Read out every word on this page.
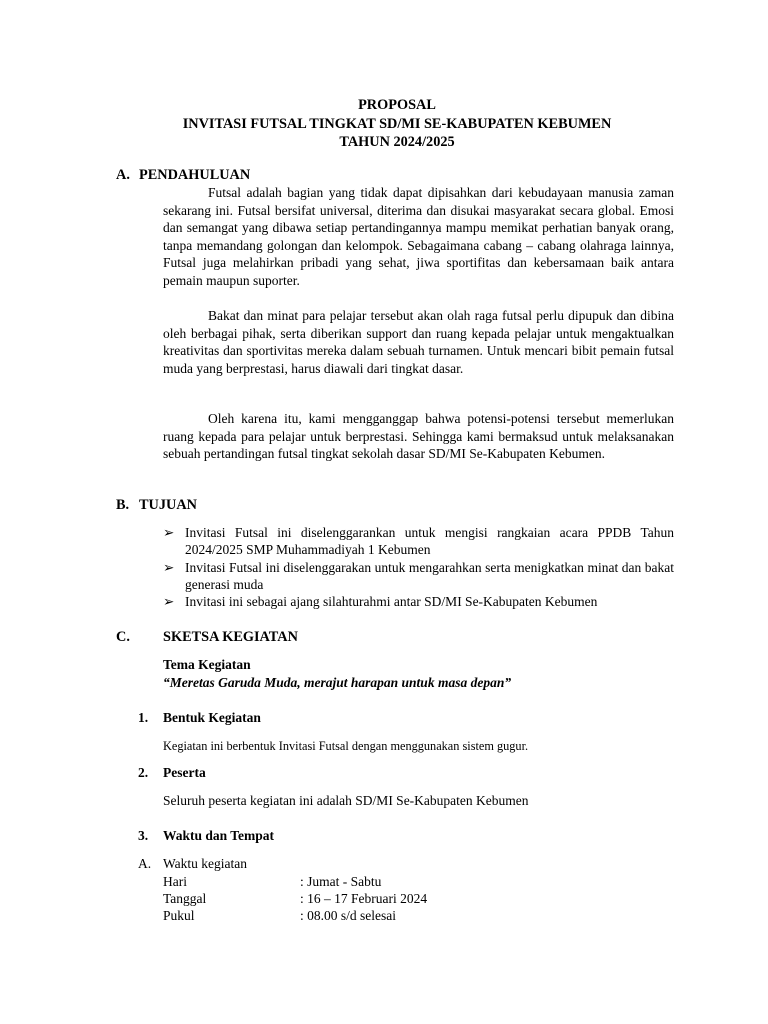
PROPOSAL
INVITASI FUTSAL TINGKAT SD/MI SE-KABUPATEN KEBUMEN
TAHUN 2024/2025
A. PENDAHULUAN

Futsal adalah bagian yang tidak dapat dipisahkan dari kebudayaan manusia zaman sekarang ini. Futsal bersifat universal, diterima dan disukai masyarakat secara global. Emosi dan semangat yang dibawa setiap pertandingannya mampu memikat perhatian banyak orang, tanpa memandang golongan dan kelompok. Sebagaimana cabang – cabang olahraga lainnya, Futsal juga melahirkan pribadi yang sehat, jiwa sportifitas dan kebersamaan baik antara pemain maupun suporter.

Bakat dan minat para pelajar tersebut akan olah raga futsal perlu dipupuk dan dibina oleh berbagai pihak, serta diberikan support dan ruang kepada pelajar untuk mengaktualkan kreativitas dan sportivitas mereka dalam sebuah turnamen. Untuk mencari bibit pemain futsal muda yang berprestasi, harus diawali dari tingkat dasar.

Oleh karena itu, kami mengganggap bahwa potensi-potensi tersebut memerlukan ruang kepada para pelajar untuk berprestasi. Sehingga kami bermaksud untuk melaksanakan sebuah pertandingan futsal tingkat sekolah dasar SD/MI Se-Kabupaten Kebumen.

B. TUJUAN
➢ Invitasi Futsal ini diselenggarankan untuk mengisi rangkaian acara PPDB Tahun 2024/2025 SMP Muhammadiyah 1 Kebumen
➢ Invitasi Futsal ini diselenggarakan untuk mengarahkan serta menigkatkan minat dan bakat generasi muda
➢ Invitasi ini sebagai ajang silahturahmi antar SD/MI Se-Kabupaten Kebumen
C. SKETSA KEGIATAN
Tema Kegiatan
“Meretas Garuda Muda, merajut harapan untuk masa depan”
1. Bentuk Kegiatan
Kegiatan ini berbentuk Invitasi Futsal dengan menggunakan sistem gugur.
2. Peserta
Seluruh peserta kegiatan ini adalah SD/MI Se-Kabupaten Kebumen
3. Waktu dan Tempat
A. Waktu kegiatan
Hari	: Jumat - Sabtu
Tanggal	: 16 – 17 Februari 2024
Pukul	: 08.00 s/d selesai
